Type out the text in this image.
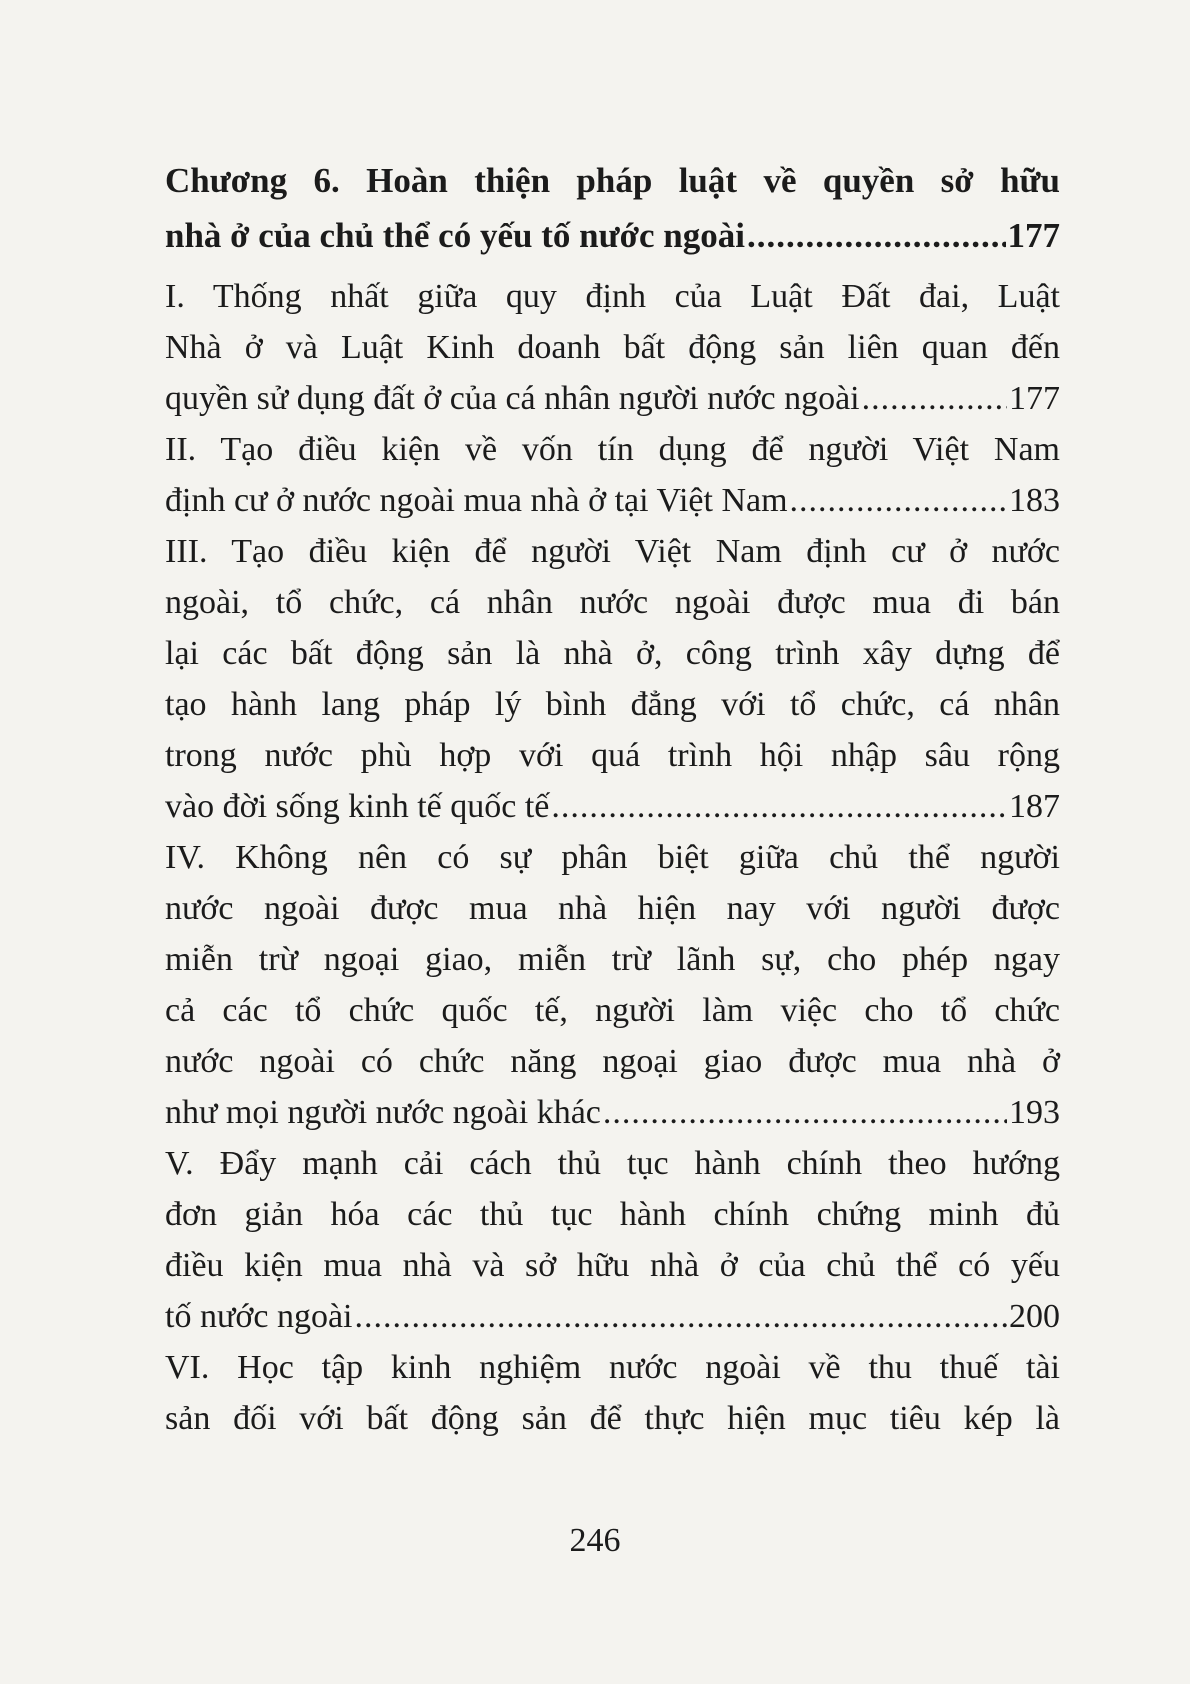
Chương 6. Hoàn thiện pháp luật về quyền sở hữu

nhà ở của chủ thể có yếu tố nước ngoài .....	177

I. Thống nhất giữa quy định của Luật Đất đai, Luật

Nhà ở và Luật Kinh doanh bất động sản liên quan đến

quyền sử dụng đất ở của cá nhân người nước ngoài .....	177

II. Tạo điều kiện về vốn tín dụng để người Việt Nam

định cư ở nước ngoài mua nhà ở tại Việt Nam .....	183

III. Tạo điều kiện để người Việt Nam định cư ở nước

ngoài, tổ chức, cá nhân nước ngoài được mua đi bán

lại các bất động sản là nhà ở, công trình xây dựng để

tạo hành lang pháp lý bình đẳng với tổ chức, cá nhân

trong nước phù hợp với quá trình hội nhập sâu rộng

vào đời sống kinh tế quốc tế .....	187

IV. Không nên có sự phân biệt giữa chủ thể người

nước ngoài được mua nhà hiện nay với người được

miễn trừ ngoại giao, miễn trừ lãnh sự, cho phép ngay

cả các tổ chức quốc tế, người làm việc cho tổ chức

nước ngoài có chức năng ngoại giao được mua nhà ở

như mọi người nước ngoài khác .....	193

V. Đẩy mạnh cải cách thủ tục hành chính theo hướng

đơn giản hóa các thủ tục hành chính chứng minh đủ

điều kiện mua nhà và sở hữu nhà ở của chủ thể có yếu

tố nước ngoài .....	200

VI. Học tập kinh nghiệm nước ngoài về thu thuế tài

sản đối với bất động sản để thực hiện mục tiêu kép là

246
